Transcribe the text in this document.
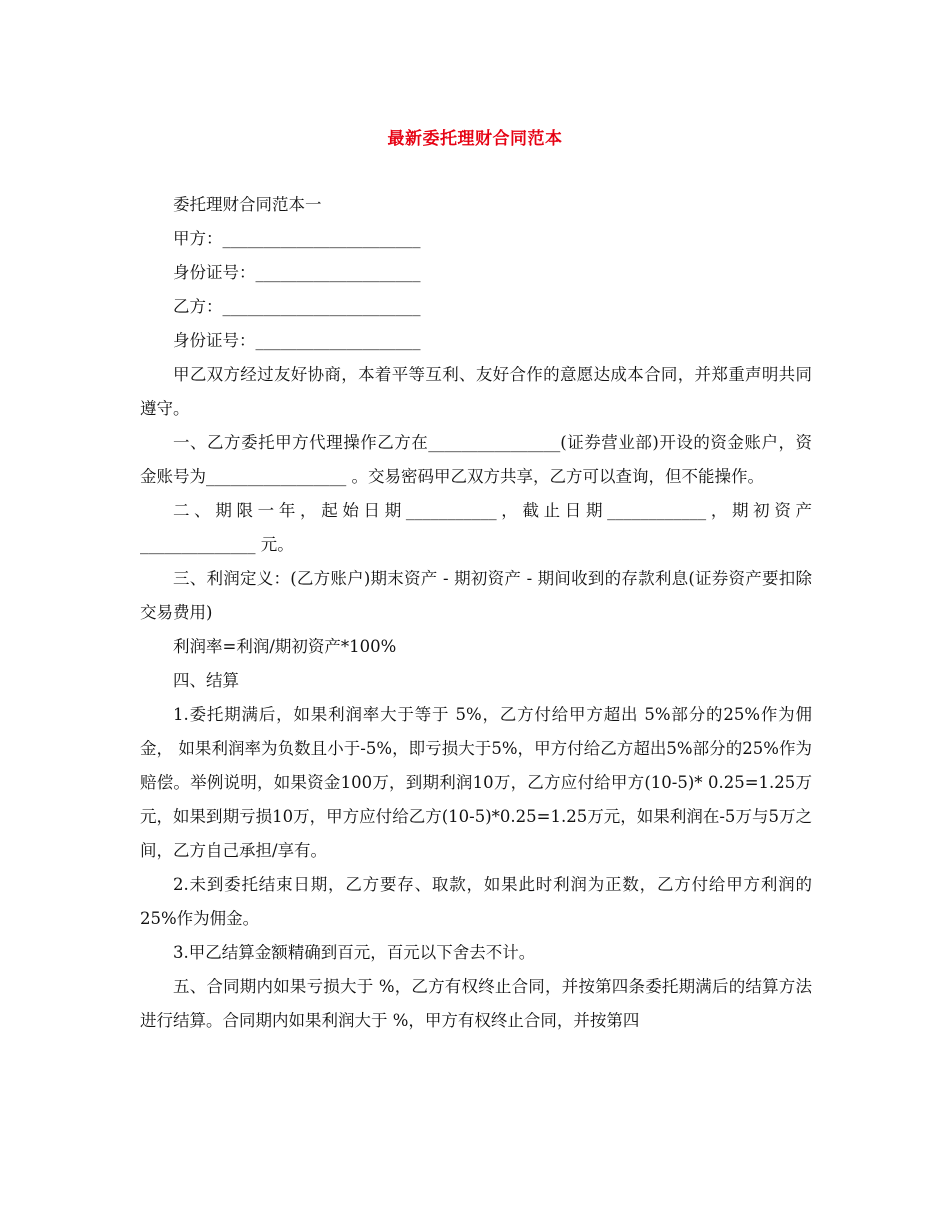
最新委托理财合同范本

委托理财合同范本一

甲方：________________________

身份证号：____________________

乙方：________________________

身份证号：____________________

甲乙双方经过友好协商，本着平等互利、友好合作的意愿达成本合同，并郑重声明共同遵守。

一、乙方委托甲方代理操作乙方在________________(证券营业部)开设的资金账户，资金账号为_________________ 。交易密码甲乙双方共享，乙方可以查询，但不能操作。

二、期限一年，起始日期___________，截止日期____________，期初资产______________ 元。

三、利润定义：(乙方账户)期末资产 - 期初资产 - 期间收到的存款利息(证券资产要扣除交易费用)

利润率=利润/期初资产*100%

四、结算

1.委托期满后，如果利润率大于等于 5%，乙方付给甲方超出 5%部分的25%作为佣金， 如果利润率为负数且小于-5%，即亏损大于5%，甲方付给乙方超出5%部分的25%作为赔偿。举例说明，如果资金100万，到期利润10万，乙方应付给甲方(10-5)* 0.25=1.25万元，如果到期亏损10万，甲方应付给乙方(10-5)*0.25=1.25万元，如果利润在-5万与5万之间，乙方自己承担/享有。

2.未到委托结束日期，乙方要存、取款，如果此时利润为正数，乙方付给甲方利润的25%作为佣金。

3.甲乙结算金额精确到百元，百元以下舍去不计。

五、合同期内如果亏损大于 %，乙方有权终止合同，并按第四条委托期满后的结算方法进行结算。合同期内如果利润大于 %，甲方有权终止合同，并按第四
